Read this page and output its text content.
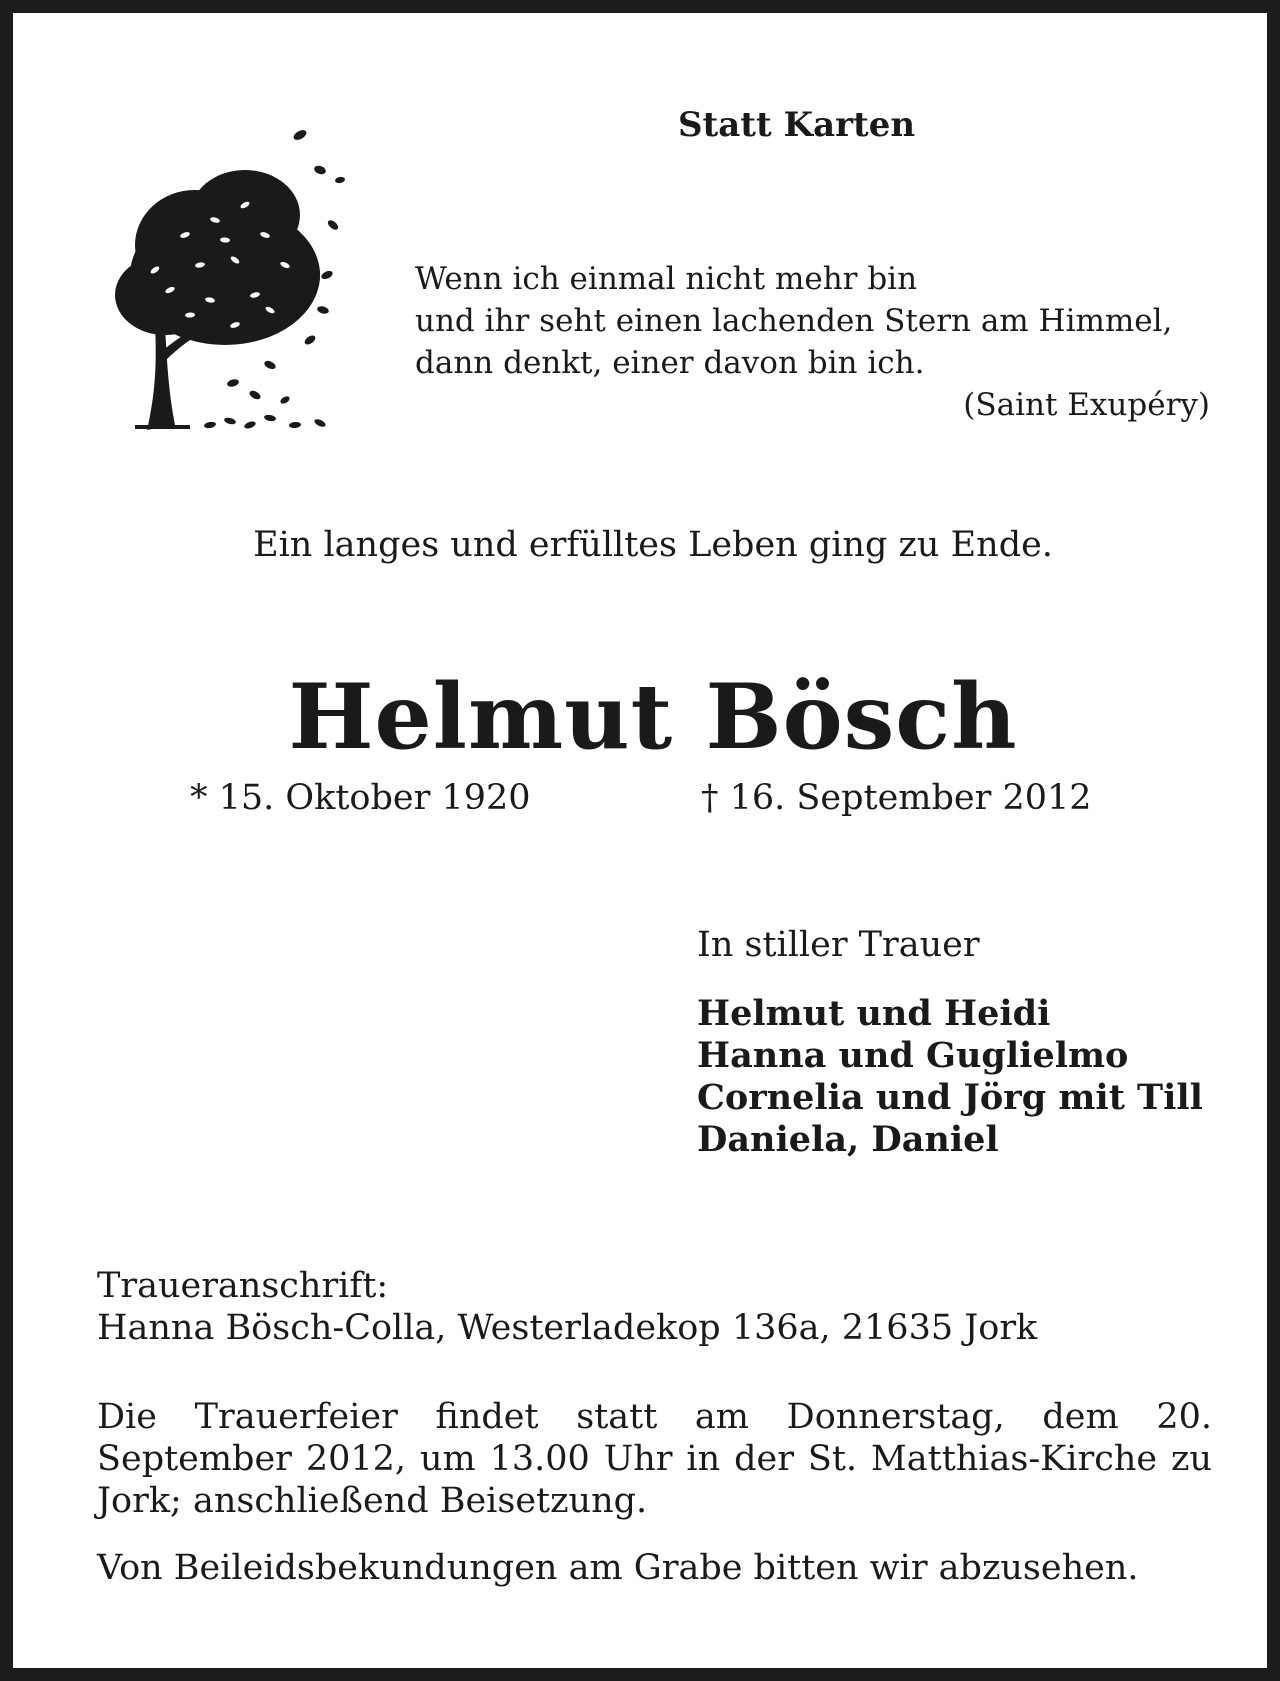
Statt Karten
Wenn ich einmal nicht mehr bin
und ihr seht einen lachenden Stern am Himmel,
dann denkt, einer davon bin ich.
(Saint Exupéry)
Ein langes und erfülltes Leben ging zu Ende.
Helmut Bösch
* 15. Oktober 1920	† 16. September 2012
In stiller Trauer
Helmut und Heidi
Hanna und Guglielmo
Cornelia und Jörg mit Till
Daniela, Daniel
Traueranschrift:
Hanna Bösch-Colla, Westerladekop 136a, 21635 Jork
Die Trauerfeier findet statt am Donnerstag, dem 20. September 2012, um 13.00 Uhr in der St. Matthias-Kirche zu Jork; anschließend Beisetzung.
Von Beileidsbekundungen am Grabe bitten wir abzusehen.
